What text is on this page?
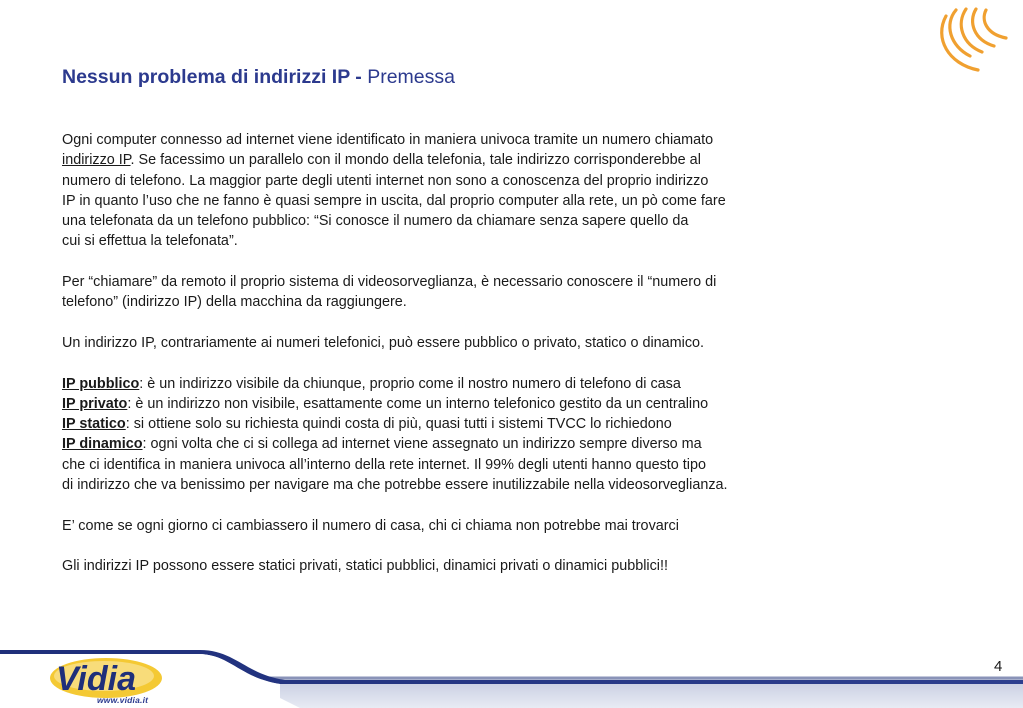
Nessun problema di indirizzi IP - Premessa

Ogni computer connesso ad internet viene identificato in maniera univoca tramite un numero chiamato

indirizzo IP. Se facessimo un parallelo con il mondo della telefonia, tale indirizzo corrisponderebbe al

numero di telefono. La maggior parte degli utenti internet non sono a conoscenza del proprio indirizzo

IP in quanto l’uso che ne fanno è quasi sempre in uscita, dal proprio computer alla rete, un pò come fare

una telefonata da un telefono pubblico: “Si conosce il numero da chiamare senza sapere quello da

cui si effettua la telefonata”.

Per “chiamare” da remoto il proprio sistema di videosorveglianza, è necessario conoscere il “numero di

telefono” (indirizzo IP) della macchina da raggiungere.

Un indirizzo IP, contrariamente ai numeri telefonici, può essere pubblico o privato, statico o dinamico.

IP pubblico: è un indirizzo visibile da chiunque, proprio come il nostro numero di telefono di casa

IP privato: è un indirizzo non visibile, esattamente come un interno telefonico gestito da un centralino

IP statico: si ottiene solo su richiesta quindi costa di più, quasi tutti i sistemi TVCC lo richiedono

IP dinamico: ogni volta che ci si collega ad internet viene assegnato un indirizzo sempre diverso ma

che ci identifica in maniera univoca all’interno della rete internet. Il 99% degli utenti hanno questo tipo

di indirizzo che va benissimo per navigare ma che potrebbe essere inutilizzabile nella videosorveglianza.

E’ come se ogni giorno ci cambiassero il numero di casa, chi ci chiama non potrebbe mai trovarci

Gli indirizzi IP possono essere statici privati, statici pubblici, dinamici privati o dinamici pubblici!!

Vidia
www.vidia.it
4
